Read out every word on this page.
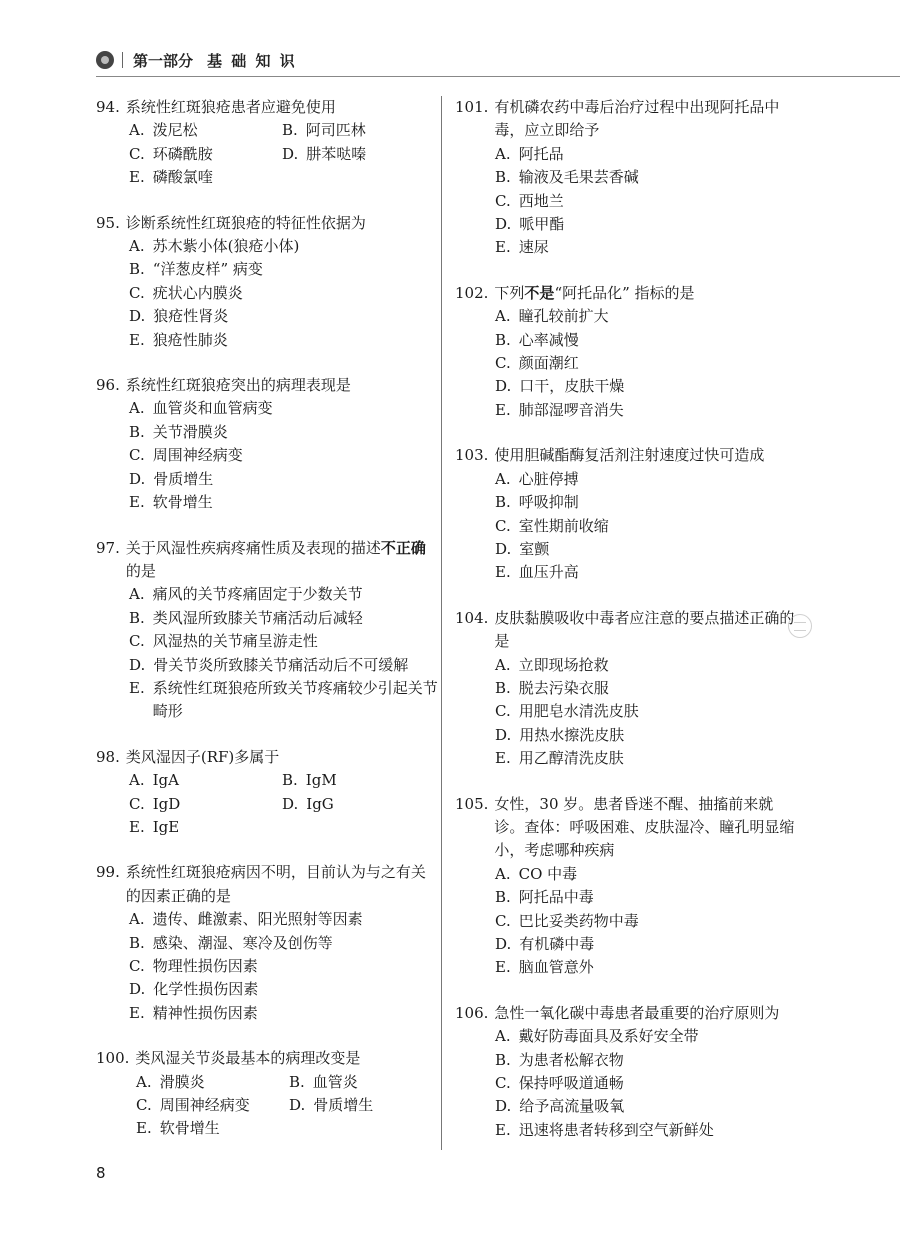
第一部分 基 础 知 识
94. 系统性红斑狼疮患者应避免使用
A. 泼尼松	B. 阿司匹林
C. 环磷酰胺	D. 肼苯哒嗪
E. 磷酸氯喹
95. 诊断系统性红斑狼疮的特征性依据为
A. 苏木紫小体(狼疮小体)
B. “洋葱皮样” 病变
C. 疣状心内膜炎
D. 狼疮性肾炎
E. 狼疮性肺炎
96. 系统性红斑狼疮突出的病理表现是
A. 血管炎和血管病变
B. 关节滑膜炎
C. 周围神经病变
D. 骨质增生
E. 软骨增生
97. 关于风湿性疾病疼痛性质及表现的描述不正确的是
A. 痛风的关节疼痛固定于少数关节
B. 类风湿所致膝关节痛活动后减轻
C. 风湿热的关节痛呈游走性
D. 骨关节炎所致膝关节痛活动后不可缓解
E. 系统性红斑狼疮所致关节疼痛较少引起关节畸形
98. 类风湿因子(RF)多属于
A. IgA	B. IgM
C. IgD	D. IgG
E. IgE
99. 系统性红斑狼疮病因不明，目前认为与之有关的因素正确的是
A. 遗传、雌激素、阳光照射等因素
B. 感染、潮湿、寒冷及创伤等
C. 物理性损伤因素
D. 化学性损伤因素
E. 精神性损伤因素
100. 类风湿关节炎最基本的病理改变是
A. 滑膜炎	B. 血管炎
C. 周围神经病变	D. 骨质增生
E. 软骨增生
101. 有机磷农药中毒后治疗过程中出现阿托品中毒，应立即给予
A. 阿托品
B. 输液及毛果芸香碱
C. 西地兰
D. 哌甲酯
E. 速尿
102. 下列不是“阿托品化” 指标的是
A. 瞳孔较前扩大
B. 心率减慢
C. 颜面潮红
D. 口干，皮肤干燥
E. 肺部湿啰音消失
103. 使用胆碱酯酶复活剂注射速度过快可造成
A. 心脏停搏
B. 呼吸抑制
C. 室性期前收缩
D. 室颤
E. 血压升高
104. 皮肤黏膜吸收中毒者应注意的要点描述正确的是
A. 立即现场抢救
B. 脱去污染衣服
C. 用肥皂水清洗皮肤
D. 用热水擦洗皮肤
E. 用乙醇清洗皮肤
105. 女性，30 岁。患者昏迷不醒、抽搐前来就诊。查体：呼吸困难、皮肤湿冷、瞳孔明显缩小，考虑哪种疾病
A. CO 中毒
B. 阿托品中毒
C. 巴比妥类药物中毒
D. 有机磷中毒
E. 脑血管意外
106. 急性一氧化碳中毒患者最重要的治疗原则为
A. 戴好防毒面具及系好安全带
B. 为患者松解衣物
C. 保持呼吸道通畅
D. 给予高流量吸氧
E. 迅速将患者转移到空气新鲜处
8
